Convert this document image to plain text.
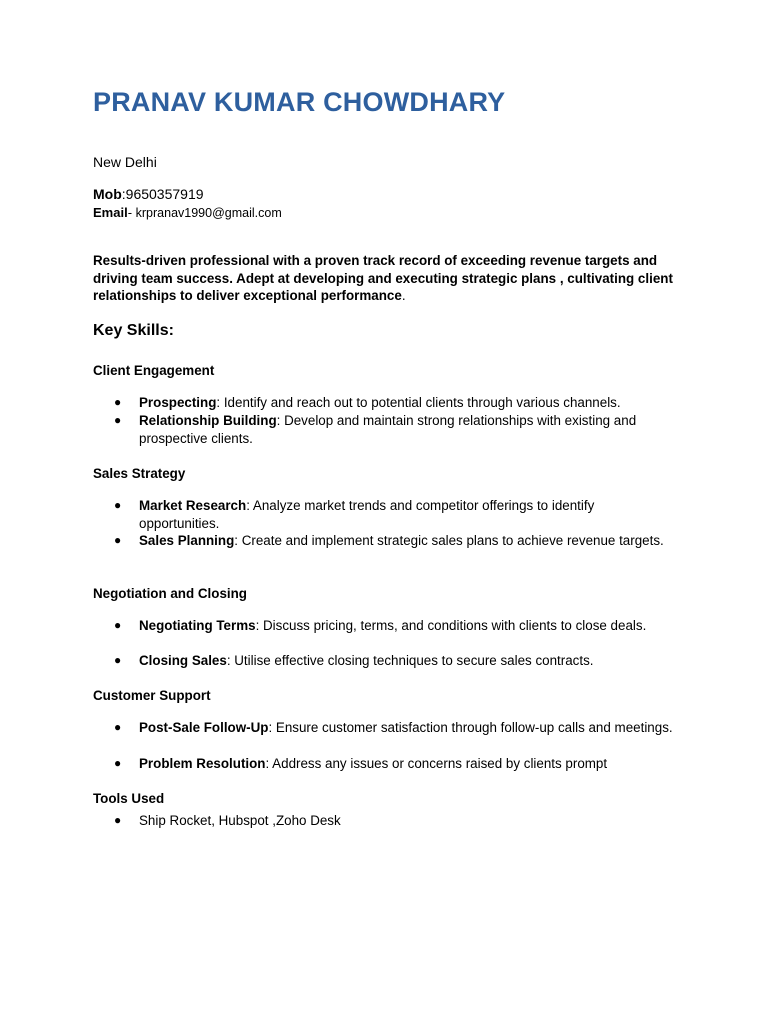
PRANAV KUMAR CHOWDHARY
New Delhi
Mob:9650357919
Email- krpranav1990@gmail.com
Results-driven professional with a proven track record of exceeding revenue targets and driving team success. Adept at developing and executing strategic plans , cultivating client relationships to deliver exceptional performance.
Key Skills:
Client Engagement
●	Prospecting: Identify and reach out to potential clients through various channels.
●	Relationship Building: Develop and maintain strong relationships with existing and prospective clients.
Sales Strategy
●	Market Research: Analyze market trends and competitor offerings to identify opportunities.
●	Sales Planning: Create and implement strategic sales plans to achieve revenue targets.
Negotiation and Closing
●	Negotiating Terms: Discuss pricing, terms, and conditions with clients to close deals.
●	Closing Sales: Utilise effective closing techniques to secure sales contracts.
Customer Support
●	Post-Sale Follow-Up: Ensure customer satisfaction through follow-up calls and meetings.
●	Problem Resolution: Address any issues or concerns raised by clients prompt
Tools Used
●	Ship Rocket, Hubspot ,Zoho Desk
